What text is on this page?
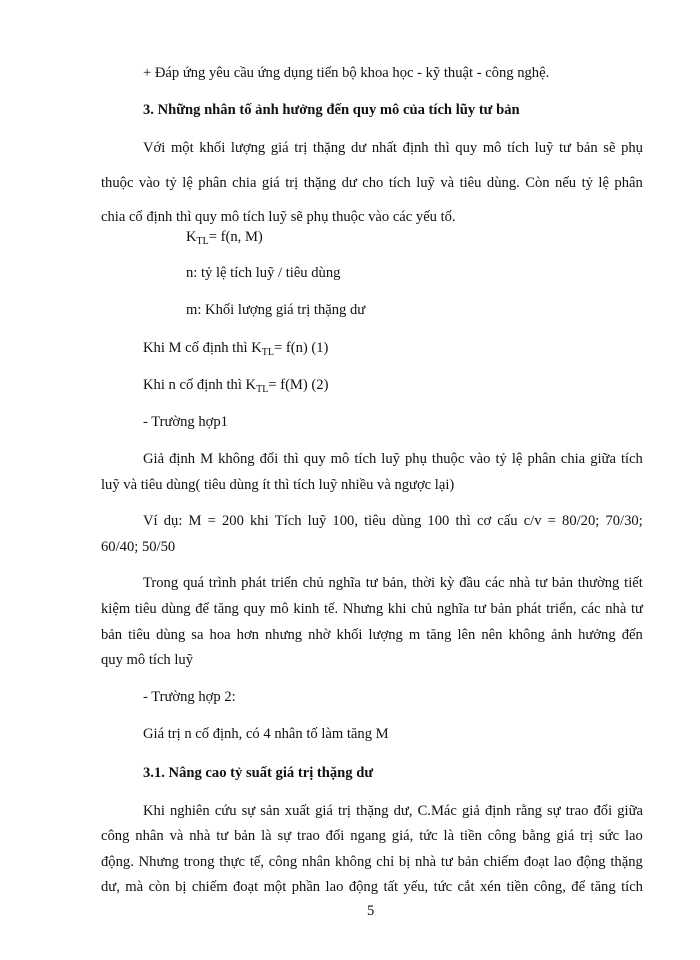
+ Đáp ứng yêu cầu ứng dụng tiến bộ khoa học - kỹ thuật - công nghệ.
3. Những nhân tố ảnh hưởng đến quy mô của tích lũy tư bản
Với một khối lượng giá trị thặng dư nhất định thì quy mô tích luỹ tư bản sẽ phụ
thuộc vào tỷ lệ phân chia giá trị thặng dư cho tích luỹ và tiêu dùng. Còn nếu tỷ lệ phân
chia cố định thì quy mô tích luỹ sẽ phụ thuộc vào các yếu tố.
$K_{TL}= f(n$, M)
n: tỷ lệ tích luỹ / tiêu dùng
m: Khối lượng giá trị thặng dư
Khi M cố định thì $K_{TL}= f(n)$ (1)
Khi n cố định thì $K_{TL}= f(M)$ (2)
- Trường hợp1
Giả định M không đổi thì quy mô tích luỹ phụ thuộc vào tỷ lệ phân chia giữa tích
luỹ và tiêu dùng( tiêu dùng ít thì tích luỹ nhiều và ngược lại)
Ví dụ: M = 200 khi Tích luỹ 100, tiêu dùng 100 thì cơ cấu c/v = 80/20; 70/30;
60/40; 50/50
Trong quá trình phát triển chủ nghĩa tư bản, thời kỳ đầu các nhà tư bản thường tiết
kiệm tiêu dùng để tăng quy mô kinh tế. Nhưng khi chủ nghĩa tư bản phát triển, các nhà tư
bản tiêu dùng sa hoa hơn nhưng nhờ khối lượng m tăng lên nên không ảnh hưởng đến
quy mô tích luỹ
- Trường hợp 2:
Giá trị n cố định, có 4 nhân tố làm tăng M
3.1. Nâng cao tỷ suất giá trị thặng dư
Khi nghiên cứu sự sản xuất giá trị thặng dư, C.Mác giả định rằng sự trao đổi giữa
công nhân và nhà tư bản là sự trao đổi ngang giá, tức là tiền công bằng giá trị sức lao
động. Nhưng trong thực tế, công nhân không chỉ bị nhà tư bản chiếm đoạt lao động thặng
dư, mà còn bị chiếm đoạt một phần lao động tất yếu, tức cắt xén tiền công, để tăng tích
5
